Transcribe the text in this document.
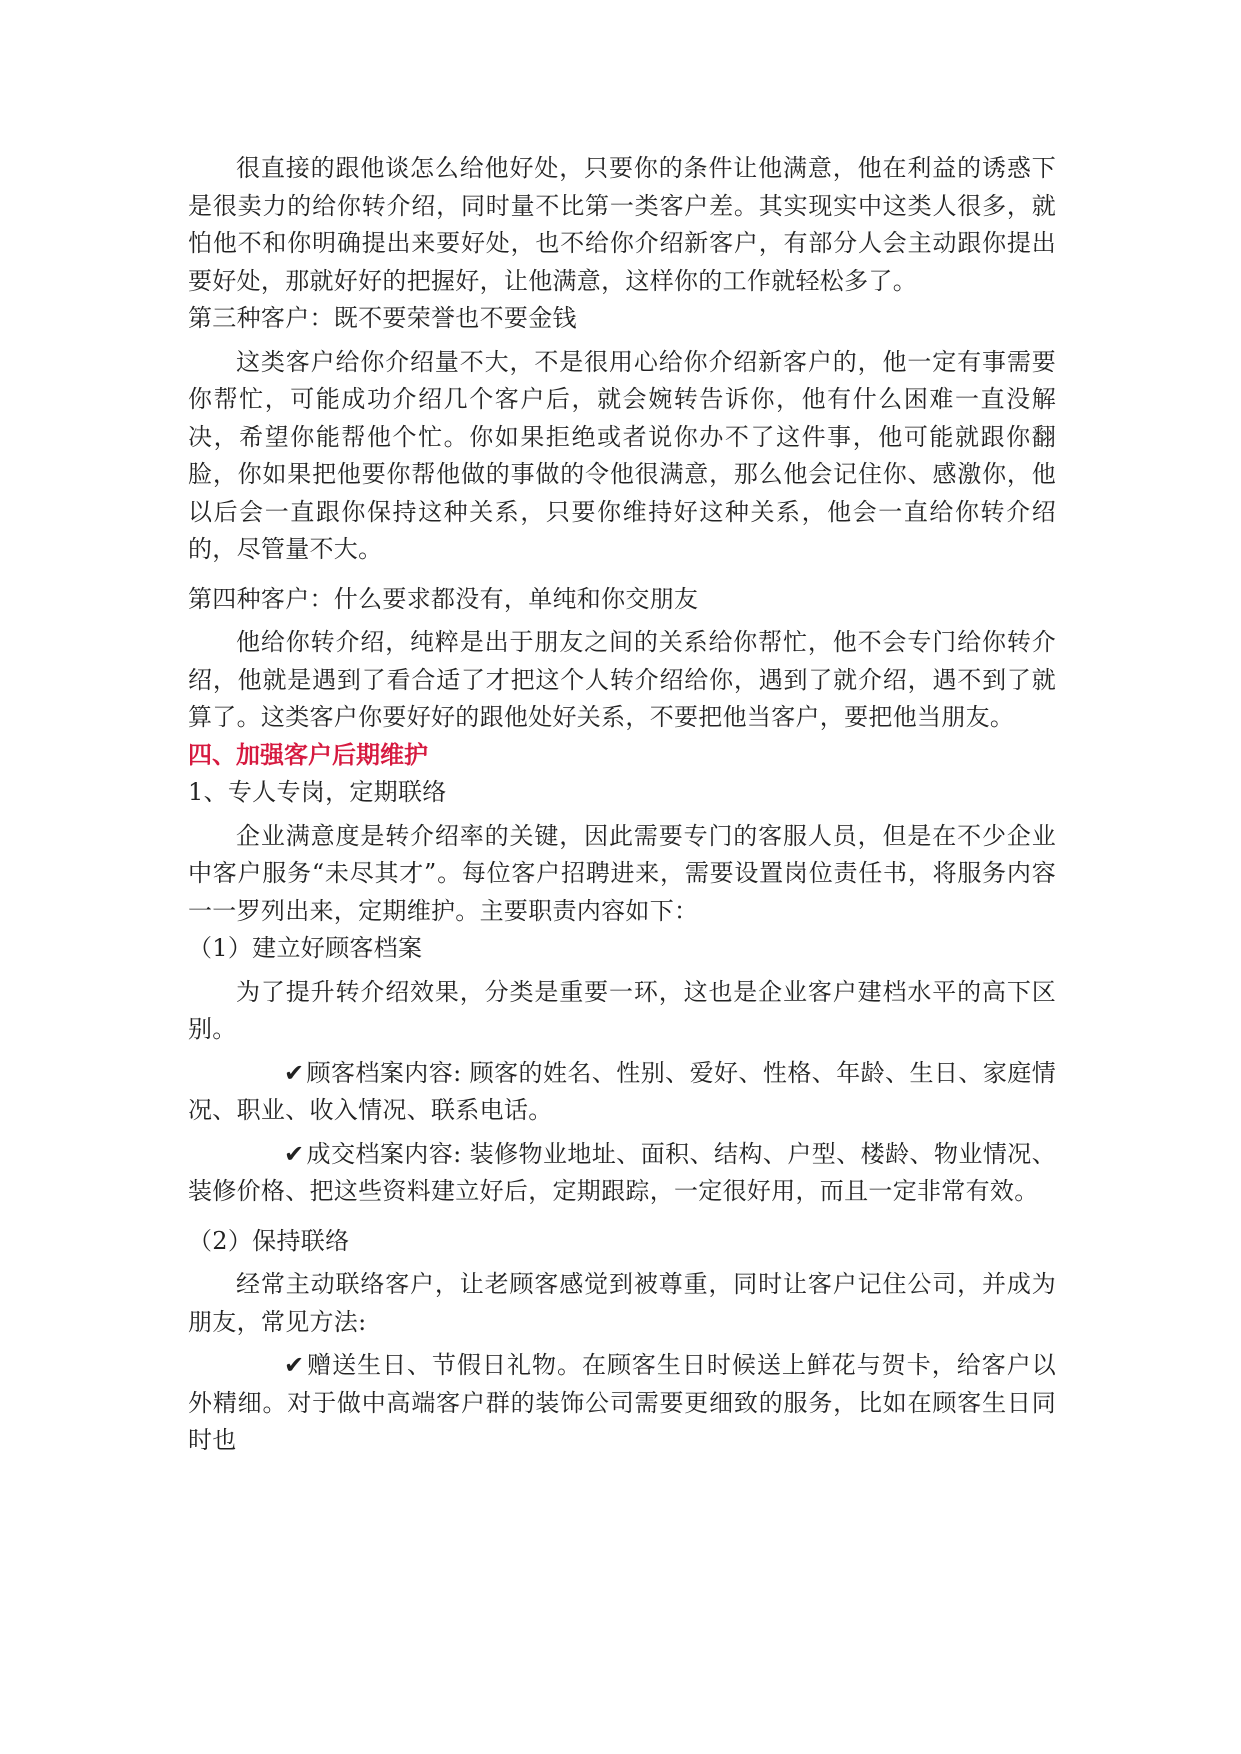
很直接的跟他谈怎么给他好处，只要你的条件让他满意，他在利益的诱惑下是很卖力的给你转介绍，同时量不比第一类客户差。其实现实中这类人很多，就怕他不和你明确提出来要好处，也不给你介绍新客户，有部分人会主动跟你提出要好处，那就好好的把握好，让他满意，这样你的工作就轻松多了。

第三种客户：既不要荣誉也不要金钱

这类客户给你介绍量不大，不是很用心给你介绍新客户的，他一定有事需要你帮忙，可能成功介绍几个客户后，就会婉转告诉你，他有什么困难一直没解决，希望你能帮他个忙。你如果拒绝或者说你办不了这件事，他可能就跟你翻脸，你如果把他要你帮他做的事做的令他很满意，那么他会记住你、感激你，他以后会一直跟你保持这种关系，只要你维持好这种关系，他会一直给你转介绍的，尽管量不大。

第四种客户：什么要求都没有，单纯和你交朋友

他给你转介绍，纯粹是出于朋友之间的关系给你帮忙，他不会专门给你转介绍，他就是遇到了看合适了才把这个人转介绍给你，遇到了就介绍，遇不到了就算了。这类客户你要好好的跟他处好关系，不要把他当客户，要把他当朋友。

四、加强客户后期维护

1、专人专岗，定期联络

企业满意度是转介绍率的关键，因此需要专门的客服人员，但是在不少企业中客户服务“未尽其才”。每位客户招聘进来，需要设置岗位责任书，将服务内容一一罗列出来，定期维护。主要职责内容如下：

（1）建立好顾客档案

为了提升转介绍效果，分类是重要一环，这也是企业客户建档水平的高下区别。

✔顾客档案内容: 顾客的姓名、性别、爱好、性格、年龄、生日、家庭情况、职业、收入情况、联系电话。

✔成交档案内容: 装修物业地址、面积、结构、户型、楼龄、物业情况、装修价格、把这些资料建立好后，定期跟踪，一定很好用，而且一定非常有效。

（2）保持联络

经常主动联络客户，让老顾客感觉到被尊重，同时让客户记住公司，并成为朋友，常见方法:

✔赠送生日、节假日礼物。在顾客生日时候送上鲜花与贺卡，给客户以外精细。对于做中高端客户群的装饰公司需要更细致的服务，比如在顾客生日同时也
